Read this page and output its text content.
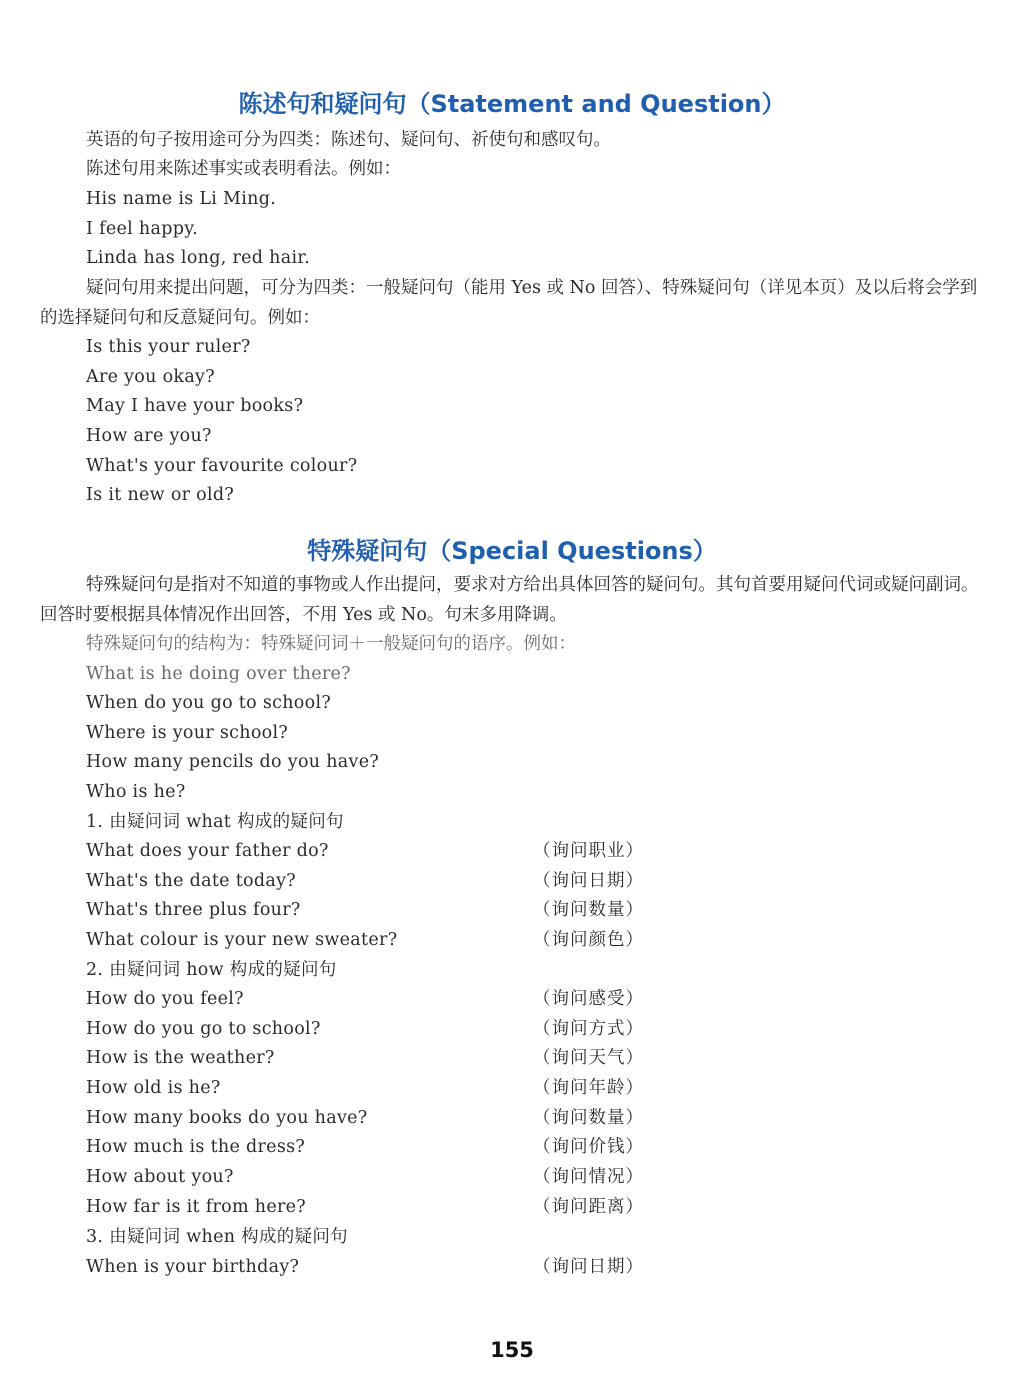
陈述句和疑问句（Statement and Question）
英语的句子按用途可分为四类：陈述句、疑问句、祈使句和感叹句。
陈述句用来陈述事实或表明看法。例如：
His name is Li Ming.
I feel happy.
Linda has long, red hair.
疑问句用来提出问题，可分为四类：一般疑问句（能用 Yes 或 No 回答）、特殊疑问句（详见本页）及以后将会学到的选择疑问句和反意疑问句。例如：
Is this your ruler?
Are you okay?
May I have your books?
How are you?
What's your favourite colour?
Is it new or old?
特殊疑问句（Special Questions）
特殊疑问句是指对不知道的事物或人作出提问，要求对方给出具体回答的疑问句。其句首要用疑问代词或疑问副词。回答时要根据具体情况作出回答，不用 Yes 或 No。句末多用降调。
特殊疑问句的结构为：特殊疑问词＋一般疑问句的语序。例如：
What is he doing over there?
When do you go to school?
Where is your school?
How many pencils do you have?
Who is he?
1. 由疑问词 what 构成的疑问句
What does your father do?	（询问职业）
What's the date today?	（询问日期）
What's three plus four?	（询问数量）
What colour is your new sweater?	（询问颜色）
2. 由疑问词 how 构成的疑问句
How do you feel?	（询问感受）
How do you go to school?	（询问方式）
How is the weather?	（询问天气）
How old is he?	（询问年龄）
How many books do you have?	（询问数量）
How much is the dress?	（询问价钱）
How about you?	（询问情况）
How far is it from here?	（询问距离）
3. 由疑问词 when 构成的疑问句
When is your birthday?	（询问日期）
155
